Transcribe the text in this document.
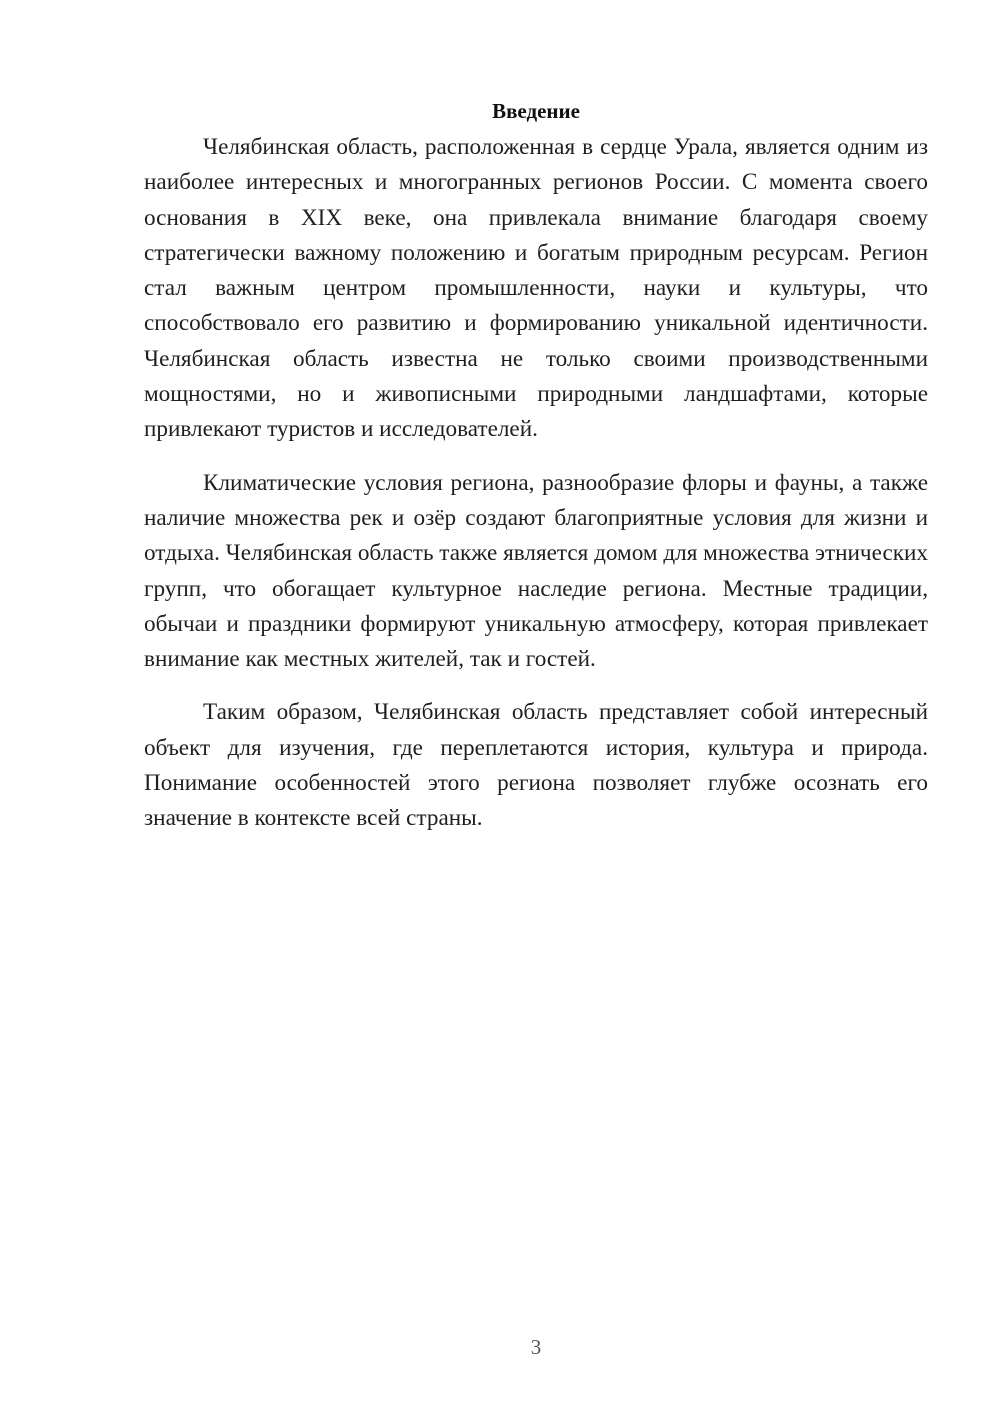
Введение

Челябинская область, расположенная в сердце Урала, является одним из наиболее интересных и многогранных регионов России. С момента своего основания в XIX веке, она привлекала внимание благодаря своему стратегически важному положению и богатым природным ресурсам. Регион стал важным центром промышленности, науки и культуры, что способствовало его развитию и формированию уникальной идентичности. Челябинская область известна не только своими производственными мощностями, но и живописными природными ландшафтами, которые привлекают туристов и исследователей.

Климатические условия региона, разнообразие флоры и фауны, а также наличие множества рек и озёр создают благоприятные условия для жизни и отдыха. Челябинская область также является домом для множества этнических групп, что обогащает культурное наследие региона. Местные традиции, обычаи и праздники формируют уникальную атмосферу, которая привлекает внимание как местных жителей, так и гостей.

Таким образом, Челябинская область представляет собой интересный объект для изучения, где переплетаются история, культура и природа. Понимание особенностей этого региона позволяет глубже осознать его значение в контексте всей страны.

3
